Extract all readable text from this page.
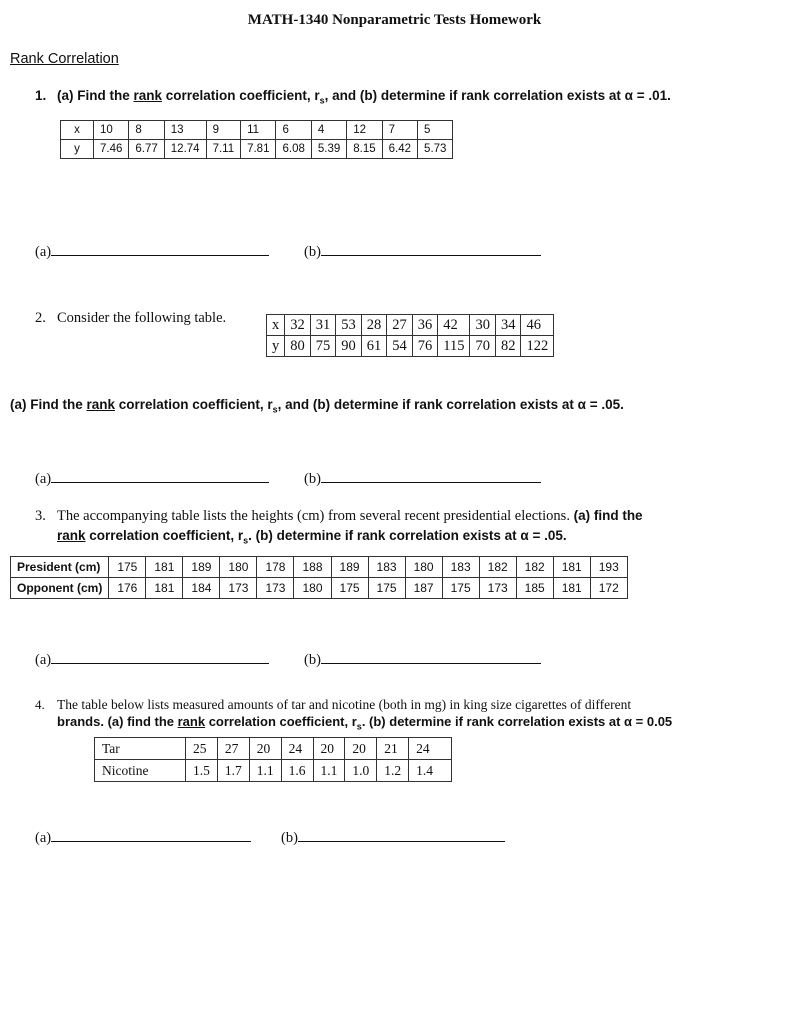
MATH-1340 Nonparametric Tests Homework
Rank Correlation
1. (a) Find the rank correlation coefficient, $r_s$, and (b) determine if rank correlation exists at α = .01.
x	10	8	13	9	11	6	4	12	7	5
y	7.46	6.77	12.74	7.11	7.81	6.08	5.39	8.15	6.42	5.73
(a)	(b)
2. Consider the following table.	x	32	31	53	28	27	36	42	30	34	46
y	80	75	90	61	54	76	115	70	82	122
(a) Find the rank correlation coefficient, $r_s$, and (b) determine if rank correlation exists at α = .05.
(a)	(b)
3. The accompanying table lists the heights (cm) from several recent presidential elections. (a) find the
rank correlation coefficient, $r_s$. (b) determine if rank correlation exists at α = .05.
President (cm)	175	181	189	180	178	188	189	183	180	183	182	182	181	193
Opponent (cm)	176	181	184	173	173	180	175	175	187	175	173	185	181	172
(a)	(b)
4. The table below lists measured amounts of tar and nicotine (both in mg) in king size cigarettes of different
brands. (a) find the rank correlation coefficient, $r_s$. (b) determine if rank correlation exists at α = 0.05
Tar	25	27	20	24	20	20	21	24
Nicotine	1.5	1.7	1.1	1.6	1.1	1.0	1.2	1.4
(a)	(b)
